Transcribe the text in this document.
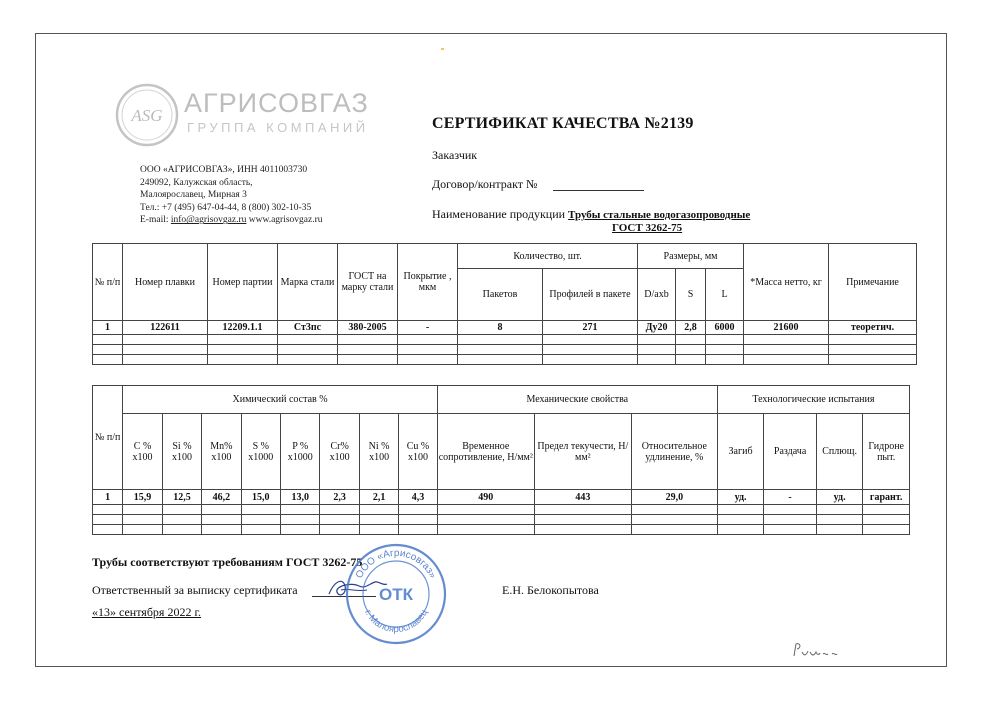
ASG АГРИСОВГАЗ
ГРУППА КОМПАНИЙ
ООО «АГРИСОВГАЗ», ИНН 4011003730
249092, Калужская область,
Малоярославец, Мирная 3
Тел.: +7 (495) 647-04-44, 8 (800) 302-10-35
E-mail: info@agrisovgaz.ru www.agrisovgaz.ru
СЕРТИФИКАТ КАЧЕСТВА №2139
Заказчик
Договор/контракт №
Наименование продукции Трубы стальные водогазопроводные
ГОСТ 3262-75
№ п/п	Номер плавки	Номер партии	Марка стали	ГОСТ на марку стали	Покрытие , мкм	Количество, шт.		Размеры, мм			*Масса нетто, кг	Примечание
						Пакетов	Профилей в пакете	D/axb	S	L		
1	122611	12209.1.1	Ст3пс	380-2005	-	8	271	Ду20	2,8	6000	21600	теоретич.

№ п/п	Химический состав %								Механические свойства			Технологические испытания			
	C % x100	Si % x100	Mn% x100	S % x1000	P % x1000	Cr% x100	Ni % x100	Cu % x100	Временное сопротивление, Н/мм²	Предел текучести, Н/мм²	Относительное удлинение, %	Загиб	Раздача	Сплющ.	Гидроне пыт.
1	15,9	12,5	46,2	15,0	13,0	2,3	2,1	4,3	490	443	29,0	уд.	-	уд.	гарант.

Трубы соответствуют требованиям ГОСТ 3262-75
Ответственный за выписку сертификата	Е.Н. Белокопытова
«13» сентября 2022 г.
ООО «Агрисовгаз»
г. Малоярославец
ОТК
